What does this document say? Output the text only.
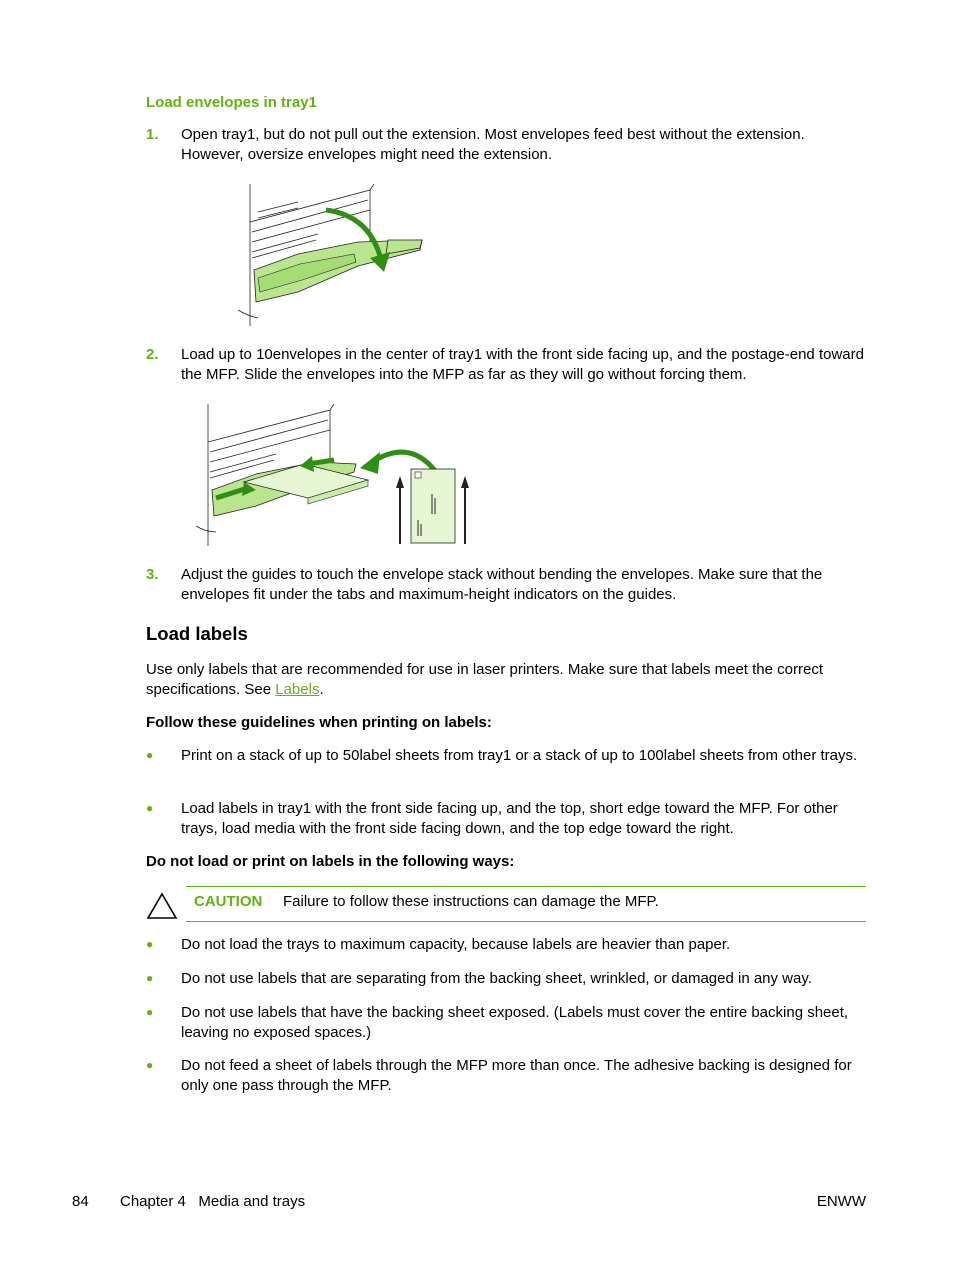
Load envelopes in tray1
1.	Open tray1, but do not pull out the extension. Most envelopes feed best without the extension. However, oversize envelopes might need the extension.
2.	Load up to 10envelopes in the center of tray1 with the front side facing up, and the postage-end toward the MFP. Slide the envelopes into the MFP as far as they will go without forcing them.
3.	Adjust the guides to touch the envelope stack without bending the envelopes. Make sure that the envelopes fit under the tabs and maximum-height indicators on the guides.
Load labels
Use only labels that are recommended for use in laser printers. Make sure that labels meet the correct specifications. See Labels.
Follow these guidelines when printing on labels:
●	Print on a stack of up to 50label sheets from tray1 or a stack of up to 100label sheets from other trays.
●	Load labels in tray1 with the front side facing up, and the top, short edge toward the MFP. For other trays, load media with the front side facing down, and the top edge toward the right.
Do not load or print on labels in the following ways:
CAUTION Failure to follow these instructions can damage the MFP.
●	Do not load the trays to maximum capacity, because labels are heavier than paper.
●	Do not use labels that are separating from the backing sheet, wrinkled, or damaged in any way.
●	Do not use labels that have the backing sheet exposed. (Labels must cover the entire backing sheet, leaving no exposed spaces.)
●	Do not feed a sheet of labels through the MFP more than once. The adhesive backing is designed for only one pass through the MFP.
84 Chapter 4   Media and trays	ENWW
